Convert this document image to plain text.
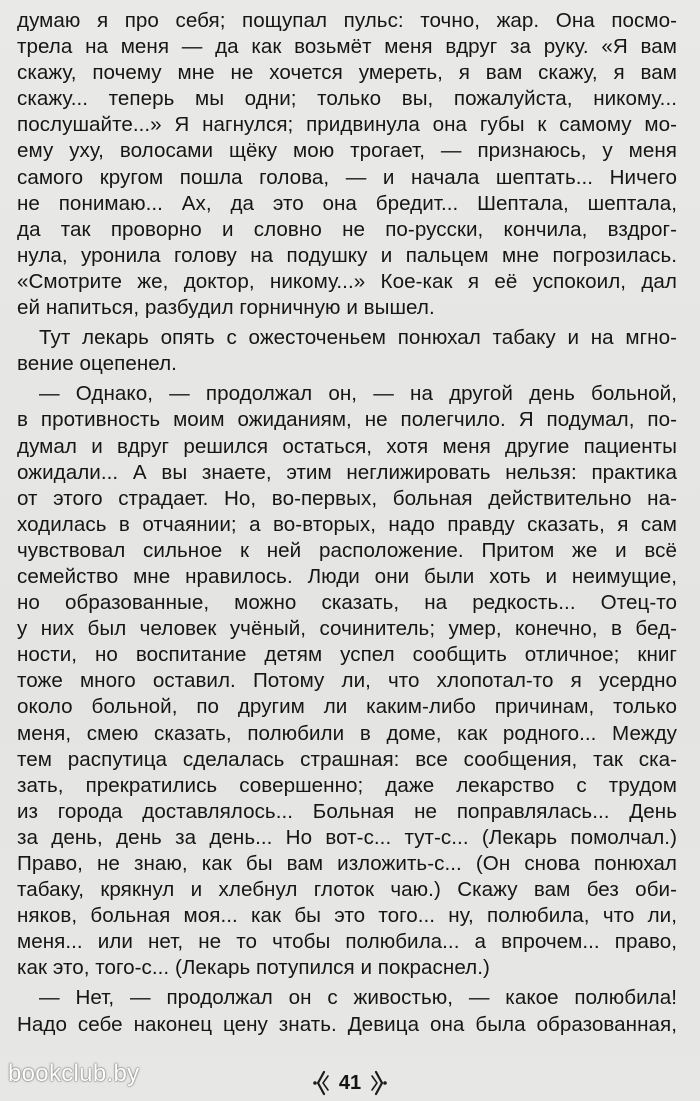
думаю я про себя; пощупал пульс: точно, жар. Она посмо-
трела на меня — да как возьмёт меня вдруг за руку. «Я вам
скажу, почему мне не хочется умереть, я вам скажу, я вам
скажу... теперь мы одни; только вы, пожалуйста, никому...
послушайте...» Я нагнулся; придвинула она губы к самому мо-
ему уху, волосами щёку мою трогает, — признаюсь, у меня
самого кругом пошла голова, — и начала шептать... Ничего
не понимаю... Ах, да это она бредит... Шептала, шептала,
да так проворно и словно не по-русски, кончила, вздрог-
нула, уронила голову на подушку и пальцем мне погрозилась.
«Смотрите же, доктор, никому...» Кое-как я её успокоил, дал
ей напиться, разбудил горничную и вышел.
Тут лекарь опять с ожесточеньем понюхал табаку и на мгно-
вение оцепенел.
— Однако, — продолжал он, — на другой день больной,
в противность моим ожиданиям, не полегчило. Я подумал, по-
думал и вдруг решился остаться, хотя меня другие пациенты
ожидали... А вы знаете, этим неглижировать нельзя: практика
от этого страдает. Но, во-первых, больная действительно на-
ходилась в отчаянии; а во-вторых, надо правду сказать, я сам
чувствовал сильное к ней расположение. Притом же и всё
семейство мне нравилось. Люди они были хоть и неимущие,
но образованные, можно сказать, на редкость... Отец-то
у них был человек учёный, сочинитель; умер, конечно, в бед-
ности, но воспитание детям успел сообщить отличное; книг
тоже много оставил. Потому ли, что хлопотал-то я усердно
около больной, по другим ли каким-либо причинам, только
меня, смею сказать, полюбили в доме, как родного... Между
тем распутица сделалась страшная: все сообщения, так ска-
зать, прекратились совершенно; даже лекарство с трудом
из города доставлялось... Больная не поправлялась... День
за день, день за день... Но вот-с... тут-с... (Лекарь помолчал.)
Право, не знаю, как бы вам изложить-с... (Он снова понюхал
табаку, крякнул и хлебнул глоток чаю.) Скажу вам без оби-
няков, больная моя... как бы это того... ну, полюбила, что ли,
меня... или нет, не то чтобы полюбила... а впрочем... право,
как это, того-с... (Лекарь потупился и покраснел.)
— Нет, — продолжал он с живостью, — какое полюбила!
Надо себе наконец цену знать. Девица она была образованная,
bookclub.by	41
